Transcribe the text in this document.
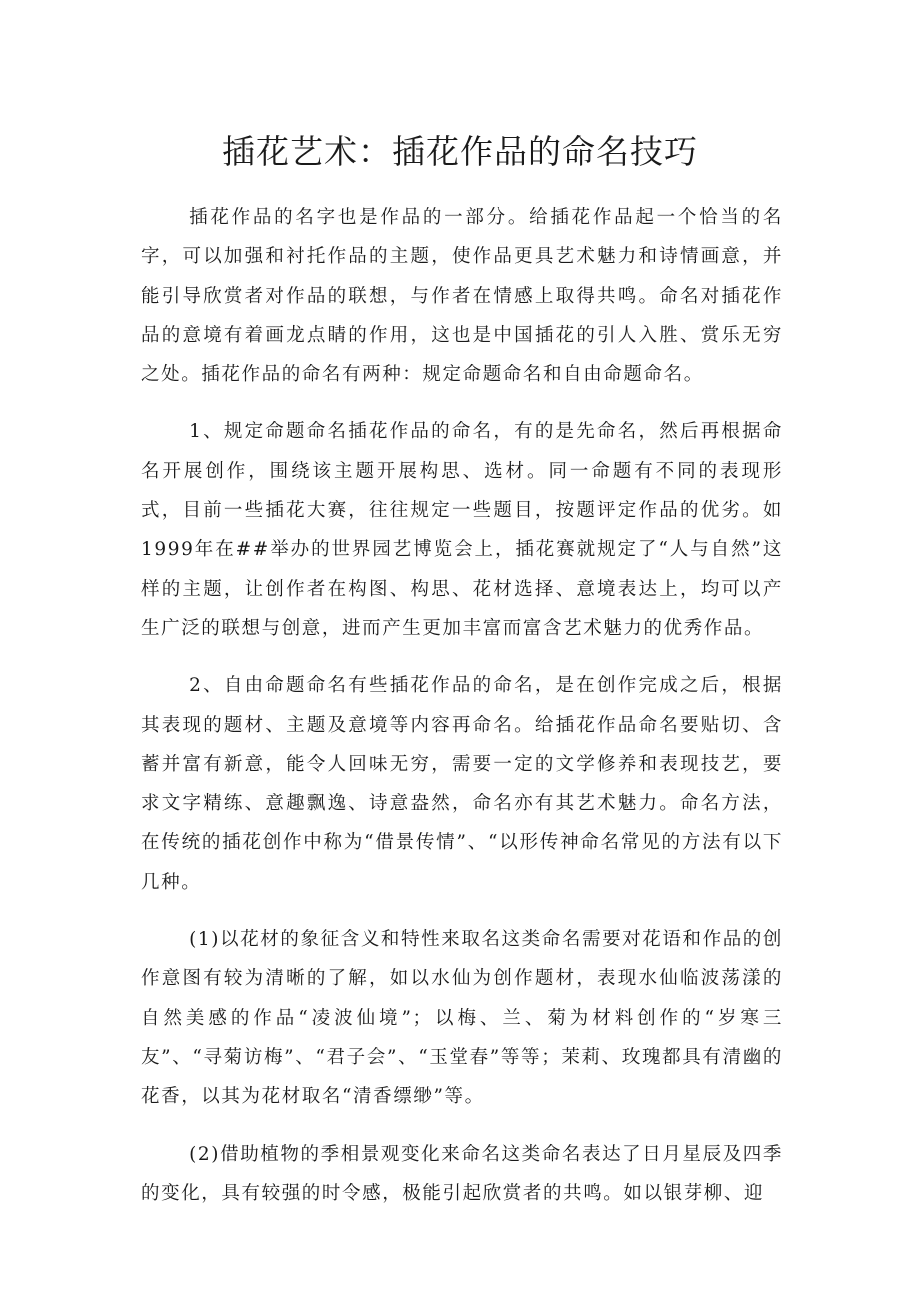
插花艺术：插花作品的命名技巧

插花作品的名字也是作品的一部分。给插花作品起一个恰当的名字，可以加强和衬托作品的主题，使作品更具艺术魅力和诗情画意，并能引导欣赏者对作品的联想，与作者在情感上取得共鸣。命名对插花作品的意境有着画龙点睛的作用，这也是中国插花的引人入胜、赏乐无穷之处。插花作品的命名有两种：规定命题命名和自由命题命名。

1、规定命题命名插花作品的命名，有的是先命名，然后再根据命名开展创作，围绕该主题开展构思、选材。同一命题有不同的表现形式，目前一些插花大赛，往往规定一些题目，按题评定作品的优劣。如1999年在##举办的世界园艺博览会上，插花赛就规定了“人与自然”这样的主题，让创作者在构图、构思、花材选择、意境表达上，均可以产生广泛的联想与创意，进而产生更加丰富而富含艺术魅力的优秀作品。

2、自由命题命名有些插花作品的命名，是在创作完成之后，根据其表现的题材、主题及意境等内容再命名。给插花作品命名要贴切、含蓄并富有新意，能令人回味无穷，需要一定的文学修养和表现技艺，要求文字精练、意趣飘逸、诗意盎然，命名亦有其艺术魅力。命名方法，在传统的插花创作中称为“借景传情”、“以形传神命名常见的方法有以下几种。

(1)以花材的象征含义和特性来取名这类命名需要对花语和作品的创作意图有较为清晰的了解，如以水仙为创作题材，表现水仙临波荡漾的自然美感的作品“凌波仙境”；以梅、兰、菊为材料创作的“岁寒三友”、“寻菊访梅”、“君子会”、“玉堂春”等等；茉莉、玫瑰都具有清幽的花香，以其为花材取名“清香缥缈”等。

(2)借助植物的季相景观变化来命名这类命名表达了日月星辰及四季的变化，具有较强的时令感，极能引起欣赏者的共鸣。如以银芽柳、迎
